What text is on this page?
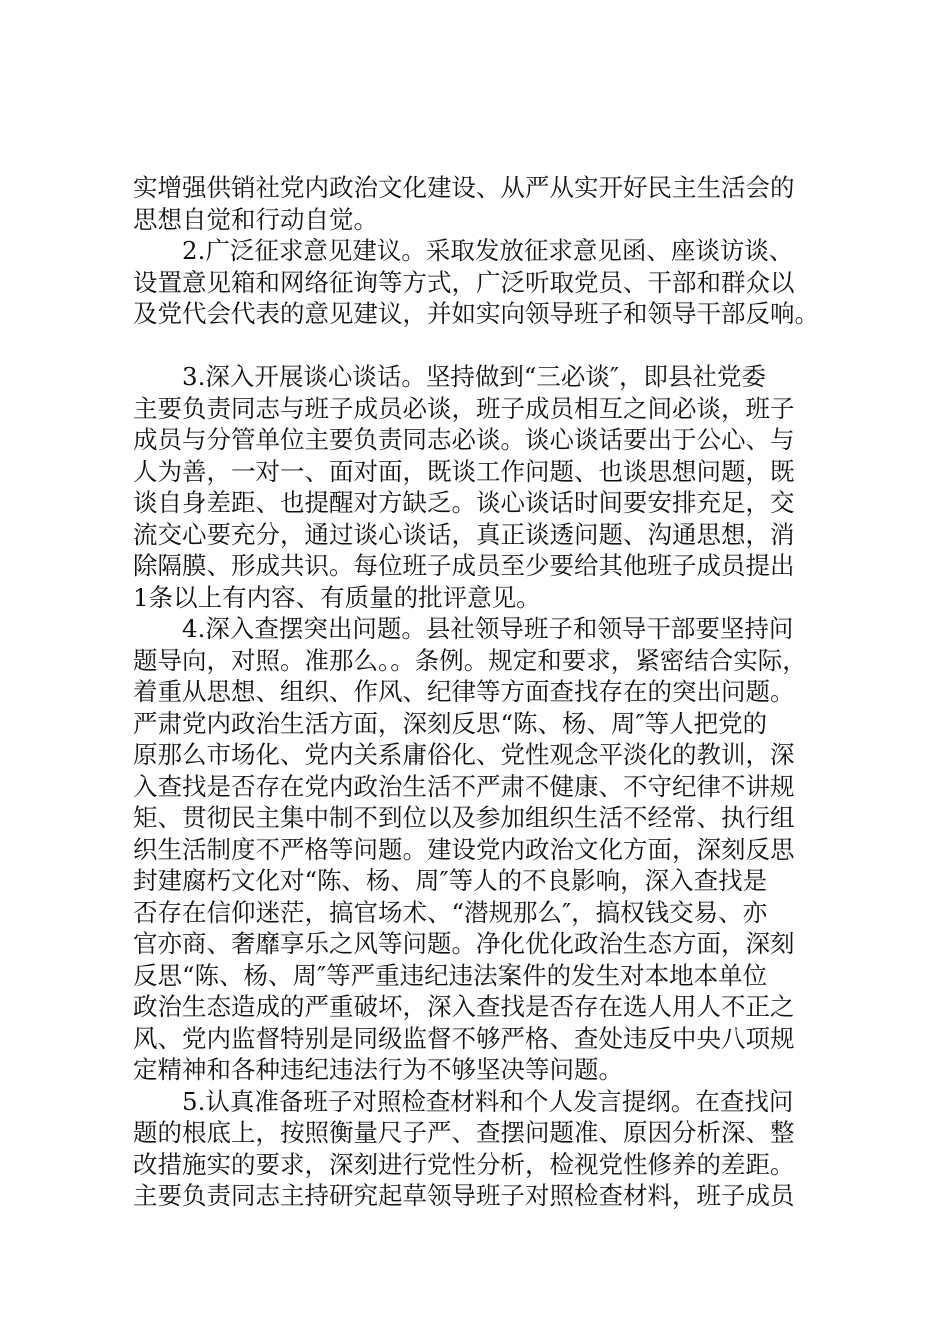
实增强供销社党内政治文化建设、从严从实开好民主生活会的
思想自觉和行动自觉。
2.广泛征求意见建议。采取发放征求意见函、座谈访谈、
设置意见箱和网络征询等方式，广泛听取党员、干部和群众以
及党代会代表的意见建议，并如实向领导班子和领导干部反响。
3.深入开展谈心谈话。坚持做到“三必谈″，即县社党委
主要负责同志与班子成员必谈，班子成员相互之间必谈，班子
成员与分管单位主要负责同志必谈。谈心谈话要出于公心、与
人为善，一对一、面对面，既谈工作问题、也谈思想问题，既
谈自身差距、也提醒对方缺乏。谈心谈话时间要安排充足，交
流交心要充分，通过谈心谈话，真正谈透问题、沟通思想，消
除隔膜、形成共识。每位班子成员至少要给其他班子成员提出
1条以上有内容、有质量的批评意见。
4.深入查摆突出问题。县社领导班子和领导干部要坚持问
题导向，对照。准那么。。条例。规定和要求，紧密结合实际，
着重从思想、组织、作风、纪律等方面查找存在的突出问题。
严肃党内政治生活方面，深刻反思“陈、杨、周″等人把党的
原那么市场化、党内关系庸俗化、党性观念平淡化的教训，深
入查找是否存在党内政治生活不严肃不健康、不守纪律不讲规
矩、贯彻民主集中制不到位以及参加组织生活不经常、执行组
织生活制度不严格等问题。建设党内政治文化方面，深刻反思
封建腐朽文化对“陈、杨、周″等人的不良影响，深入查找是
否存在信仰迷茫，搞官场术、“潜规那么″，搞权钱交易、亦
官亦商、奢靡享乐之风等问题。净化优化政治生态方面，深刻
反思“陈、杨、周″等严重违纪违法案件的发生对本地本单位
政治生态造成的严重破坏，深入查找是否存在选人用人不正之
风、党内监督特别是同级监督不够严格、查处违反中央八项规
定精神和各种违纪违法行为不够坚决等问题。
5.认真准备班子对照检查材料和个人发言提纲。在查找问
题的根底上，按照衡量尺子严、查摆问题准、原因分析深、整
改措施实的要求，深刻进行党性分析，检视党性修养的差距。
主要负责同志主持研究起草领导班子对照检查材料，班子成员
